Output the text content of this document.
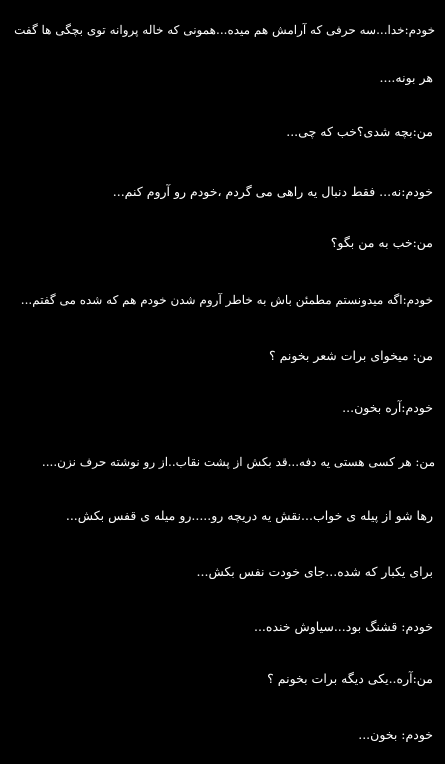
خودم:خدا...سه حرفی که آرامش هم میده...همونی که خاله پروانه توی بچگی ها گفت
هر بونه....
من:بچه شدی؟خب که چی...
خودم:نه... فقط دنبال یه راهی می گردم ،خودم رو آروم کنم...
من:خب به من بگو؟
خودم:اگه میدونستم مطمئن باش به خاطر آروم شدن خودم هم که شده می گفتم...
من: میخوای برات شعر بخونم ؟
خودم:آره بخون...
من: هر کسی هستی یه دفه...قد بکش از پشت نقاب..از رو نوشته حرف نزن....
رها شو از پیله ی خواب...نقش یه دریچه رو.....رو میله ی قفس بکش...
برای یکبار که شده...جای خودت نفس بکش...
خودم: قشنگ بود...سیاوش خنده...
من:آره..یکی دیگه برات بخونم ؟
خودم: بخون...
